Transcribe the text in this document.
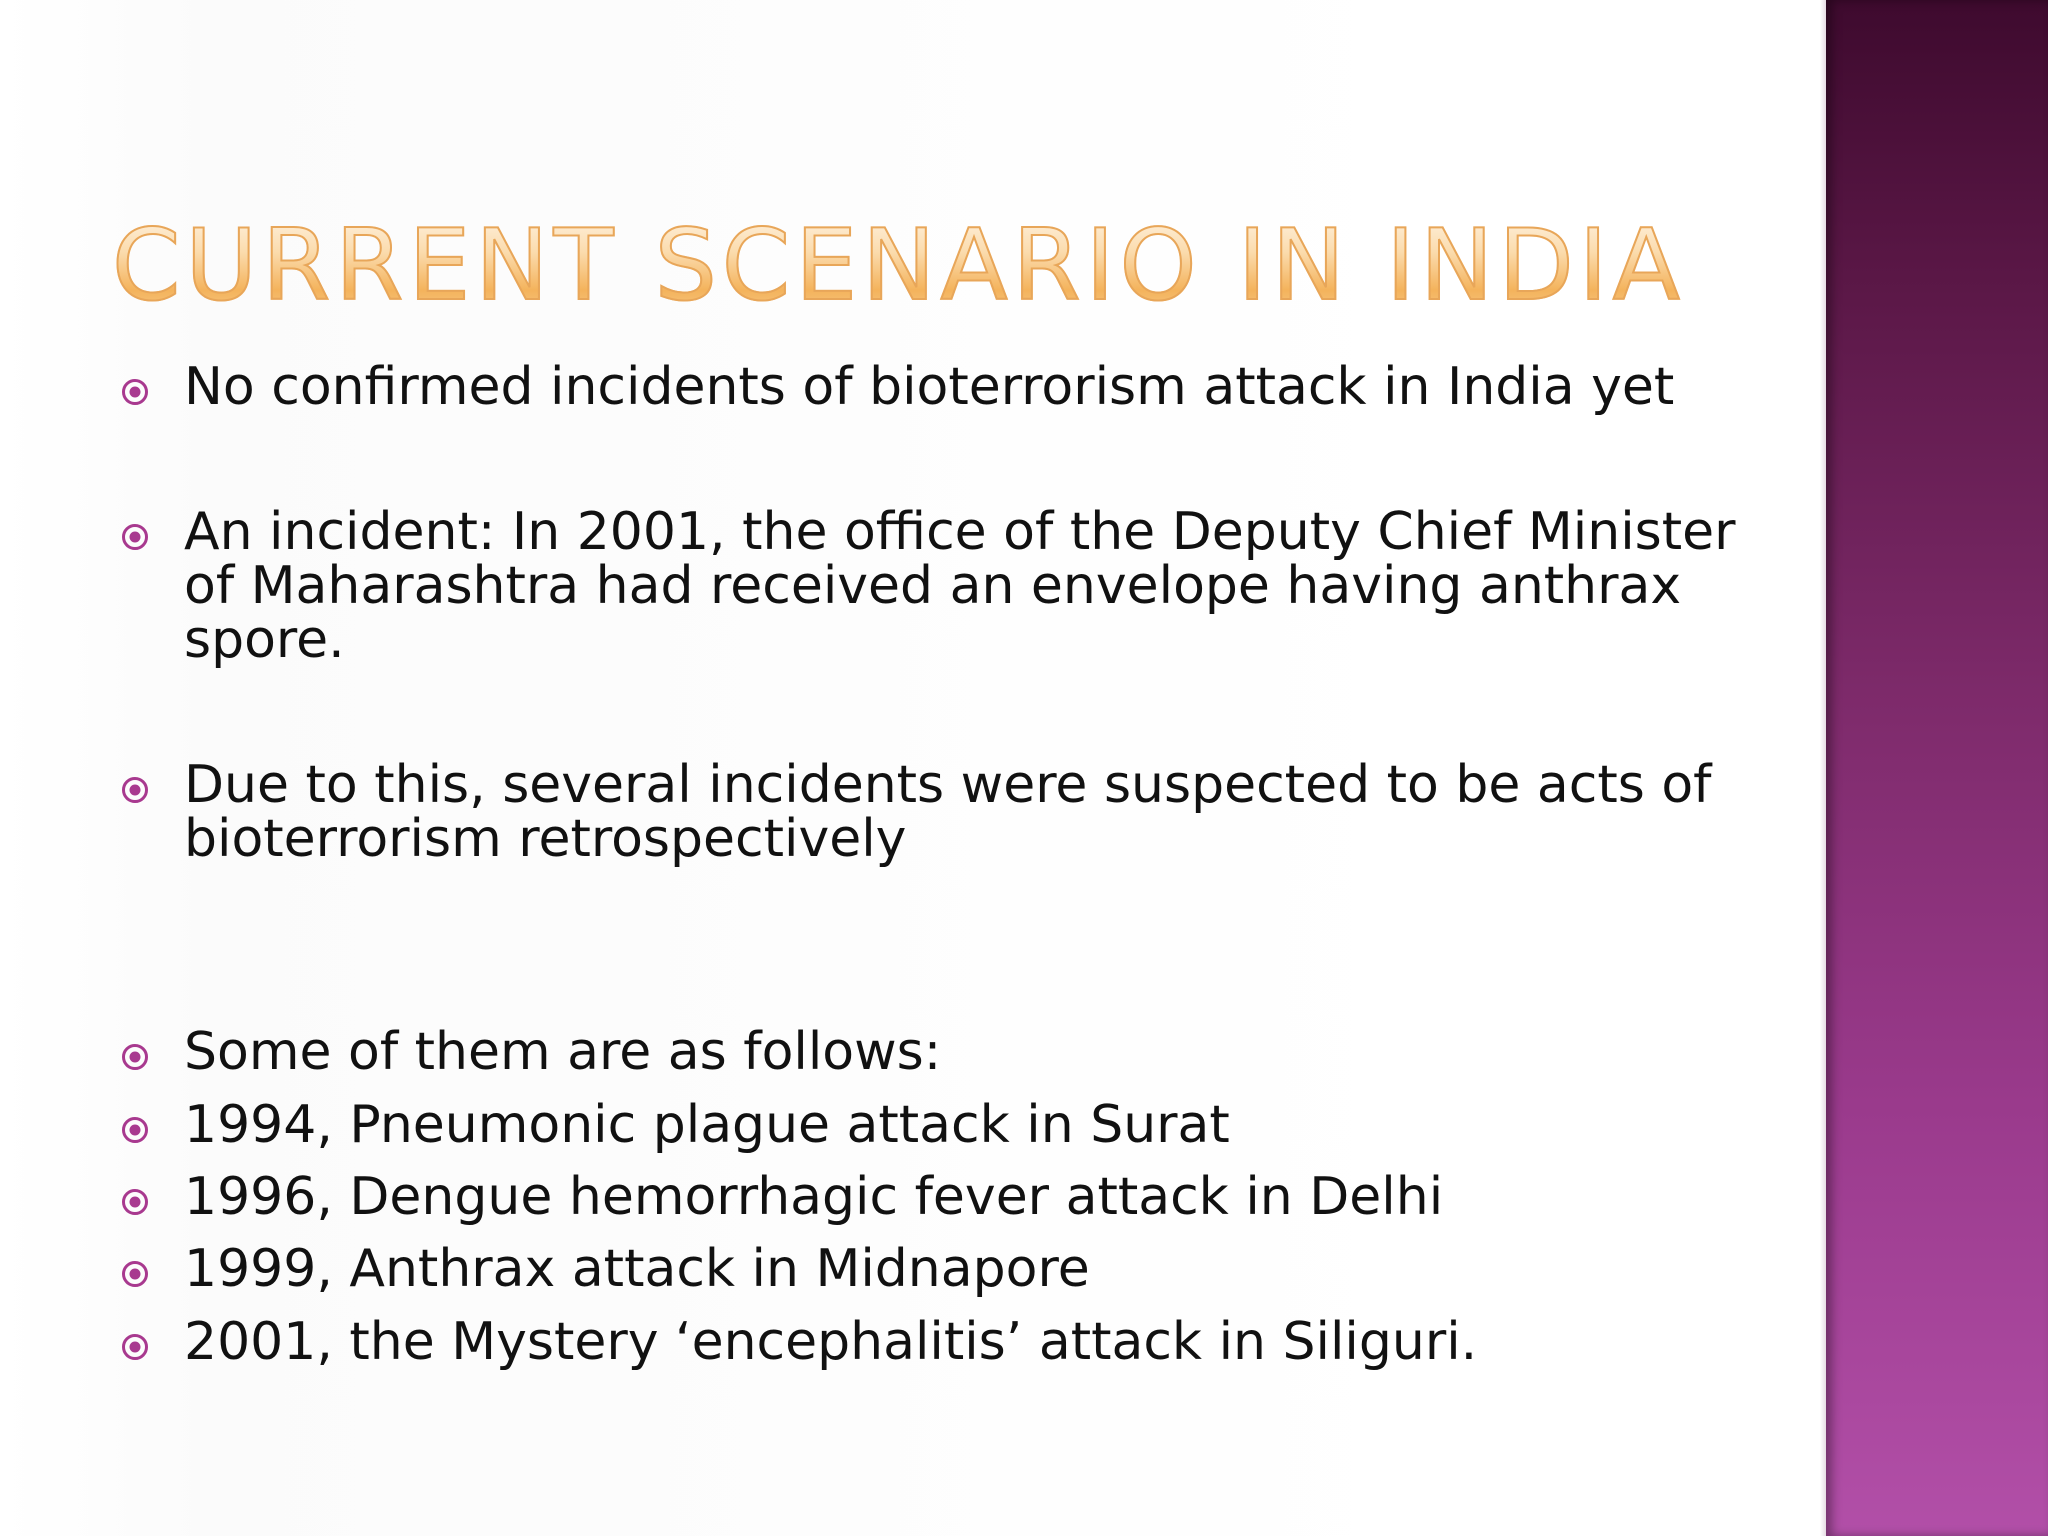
CURRENT SCENARIO IN INDIA
No confirmed incidents of bioterrorism attack in India yet
An incident: In 2001, the office of the Deputy Chief Minister of Maharashtra had received an envelope having anthrax spore.
Due to this, several incidents were suspected to be acts of bioterrorism retrospectively
Some of them are as follows:
1994, Pneumonic plague attack in Surat
1996, Dengue hemorrhagic fever attack in Delhi
1999, Anthrax attack in Midnapore
2001, the Mystery ‘encephalitis’ attack in Siliguri.
